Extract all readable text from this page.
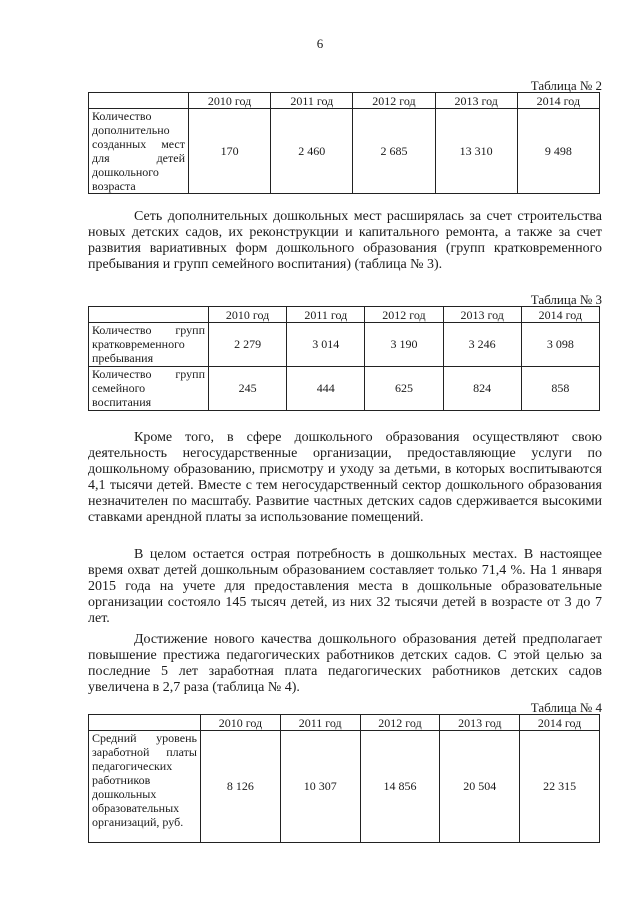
6
Таблица № 2
	2010 год	2011 год	2012 год	2013 год	2014 год
Количество дополнительно созданных мест для детей дошкольного возраста	170	2 460	2 685	13 310	9 498

Сеть дополнительных дошкольных мест расширялась за счет строительства новых детских садов, их реконструкции и капитального ремонта, а также за счет развития вариативных форм дошкольного образования (групп кратковременного пребывания и групп семейного воспитания) (таблица № 3).

Таблица № 3
	2010 год	2011 год	2012 год	2013 год	2014 год
Количество групп кратковременного пребывания	2 279	3 014	3 190	3 246	3 098
Количество групп семейного воспитания	245	444	625	824	858

Кроме того, в сфере дошкольного образования осуществляют свою деятельность негосударственные организации, предоставляющие услуги по дошкольному образованию, присмотру и уходу за детьми, в которых воспитываются 4,1 тысячи детей. Вместе с тем негосударственный сектор дошкольного образования незначителен по масштабу. Развитие частных детских садов сдерживается высокими ставками арендной платы за использование помещений.

В целом остается острая потребность в дошкольных местах. В настоящее время охват детей дошкольным образованием составляет только 71,4 %. На 1 января 2015 года на учете для предоставления места в дошкольные образовательные организации состояло 145 тысяч детей, из них 32 тысячи детей в возрасте от 3 до 7 лет.

Достижение нового качества дошкольного образования детей предполагает повышение престижа педагогических работников детских садов. С этой целью за последние 5 лет заработная плата педагогических работников детских садов увеличена в 2,7 раза (таблица № 4).

Таблица № 4
	2010 год	2011 год	2012 год	2013 год	2014 год
Средний уровень заработной платы педагогических работников дошкольных образовательных организаций, руб.	8 126	10 307	14 856	20 504	22 315
